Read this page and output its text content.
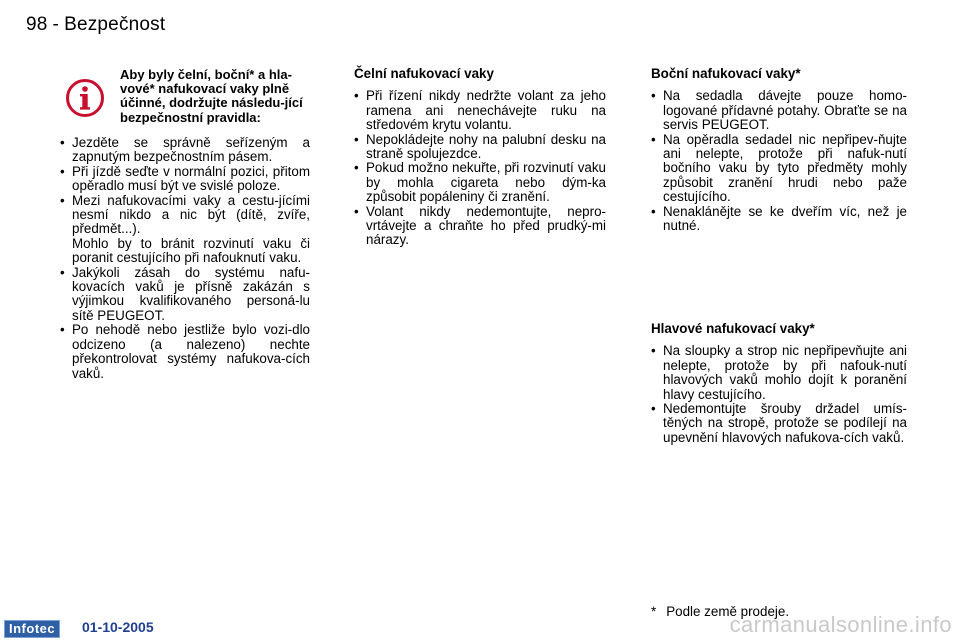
98 - Bezpečnost
Aby byly čelní, boční* a hla-vové* nafukovací vaky plně účinné, dodržujte následu-jící bezpečnostní pravidla:
• Jezděte se správně seřízeným a zapnutým bezpečnostním pásem.
• Při jízdě seďte v normální pozici, přitom opěradlo musí být ve svislé poloze.
• Mezi nafukovacími vaky a cestu-jícími nesmí nikdo a nic být (dítě, zvíře, předmět...).
Mohlo by to bránit rozvinutí vaku či poranit cestujícího při nafouknutí vaku.
• Jakýkoli zásah do systému nafu-kovacích vaků je přísně zakázán s výjimkou kvalifikovaného personá-lu sítě PEUGEOT.
• Po nehodě nebo jestliže bylo vozi-dlo odcizeno (a nalezeno) nechte překontrolovat systémy nafukova-cích vaků.
Čelní nafukovací vaky
• Při řízení nikdy nedržte volant za jeho ramena ani nenechávejte ruku na středovém krytu volantu.
• Nepokládejte nohy na palubní desku na straně spolujezdce.
• Pokud možno nekuřte, při rozvinutí vaku by mohla cigareta nebo dým-ka způsobit popáleniny či zranění.
• Volant nikdy nedemontujte, nepro-vrtávejte a chraňte ho před prudký-mi nárazy.
Boční nafukovací vaky*
• Na sedadla dávejte pouze homo-logované přídavné potahy. Obraťte se na servis PEUGEOT.
• Na opěradla sedadel nic nepřipev-ňujte ani nelepte, protože při nafuk-nutí bočního vaku by tyto předměty mohly způsobit zranění hrudi nebo paže cestujícího.
• Nenaklánějte se ke dveřím víc, než je nutné.
Hlavové nafukovací vaky*
• Na sloupky a strop nic nepřipevňujte ani nelepte, protože by při nafouk-nutí hlavových vaků mohlo dojít k poranění hlavy cestujícího.
• Nedemontujte šrouby držadel umís-těných na stropě, protože se podílejí na upevnění hlavových nafukova-cích vaků.
* Podle země prodeje.
Infotec	01-10-2005	carmanualsonline.info
